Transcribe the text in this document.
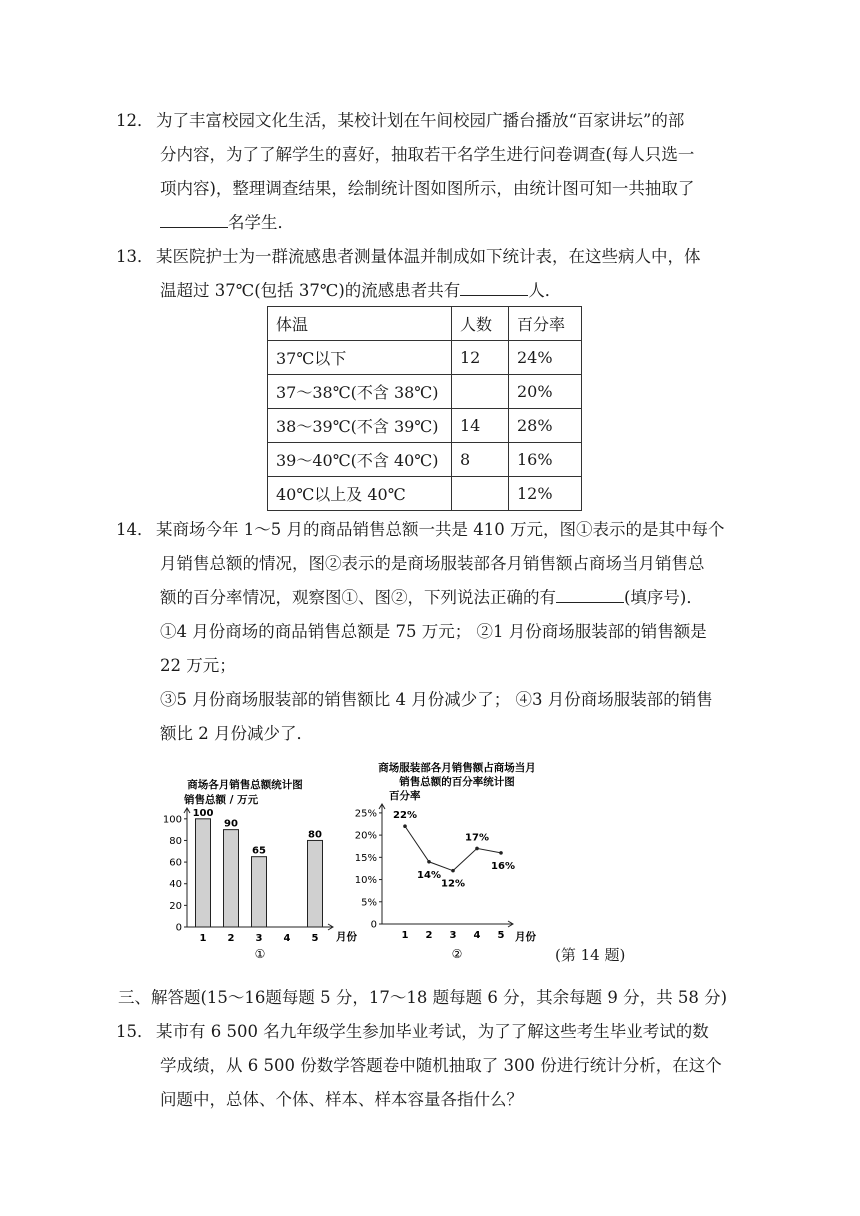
12． 为了丰富校园文化生活，某校计划在午间校园广播台播放“百家讲坛”的部
分内容，为了了解学生的喜好，抽取若干名学生进行问卷调查(每人只选一
项内容)，整理调查结果，绘制统计图如图所示，由统计图可知一共抽取了
名学生．
13． 某医院护士为一群流感患者测量体温并制成如下统计表，在这些病人中，体
温超过 37℃(包括 37℃)的流感患者共有	人．
体温	人数	百分率
37℃以下	12	24%
37～38℃(不含 38℃)		20%
38～39℃(不含 39℃)	14	28%
39～40℃(不含 40℃)	8	16%
40℃以上及 40℃		12%
14． 某商场今年 1～5 月的商品销售总额一共是 410 万元，图①表示的是其中每个
月销售总额的情况，图②表示的是商场服装部各月销售额占商场当月销售总
额的百分率情况，观察图①、图②，下列说法正确的有	(填序号)．
①4 月份商场的商品销售总额是 75 万元； ②1 月份商场服装部的销售额是
22 万元；
③5 月份商场服装部的销售额比 4 月份减少了； ④3 月份商场服装部的销售
额比 2 月份减少了．
商场各月销售总额统计图
销售总额 / 万元
0
20
40
60
80
100
100
1
90
2
65
3 4
80
5 月份
①
商场服装部各月销售额占商场当月
销售总额的百分率统计图
百分率
0
5%
10%
15%
20%
25% 22%
1
14%
2
12%
3
17%
4
16%
5 月份
②	(第 14 题)
三、解答题(15～16题每题 5 分，17～18 题每题 6 分，其余每题 9 分，共 58 分)
15． 某市有 6 500 名九年级学生参加毕业考试，为了了解这些考生毕业考试的数
学成绩，从 6 500 份数学答题卷中随机抽取了 300 份进行统计分析，在这个
问题中，总体、个体、样本、样本容量各指什么？
